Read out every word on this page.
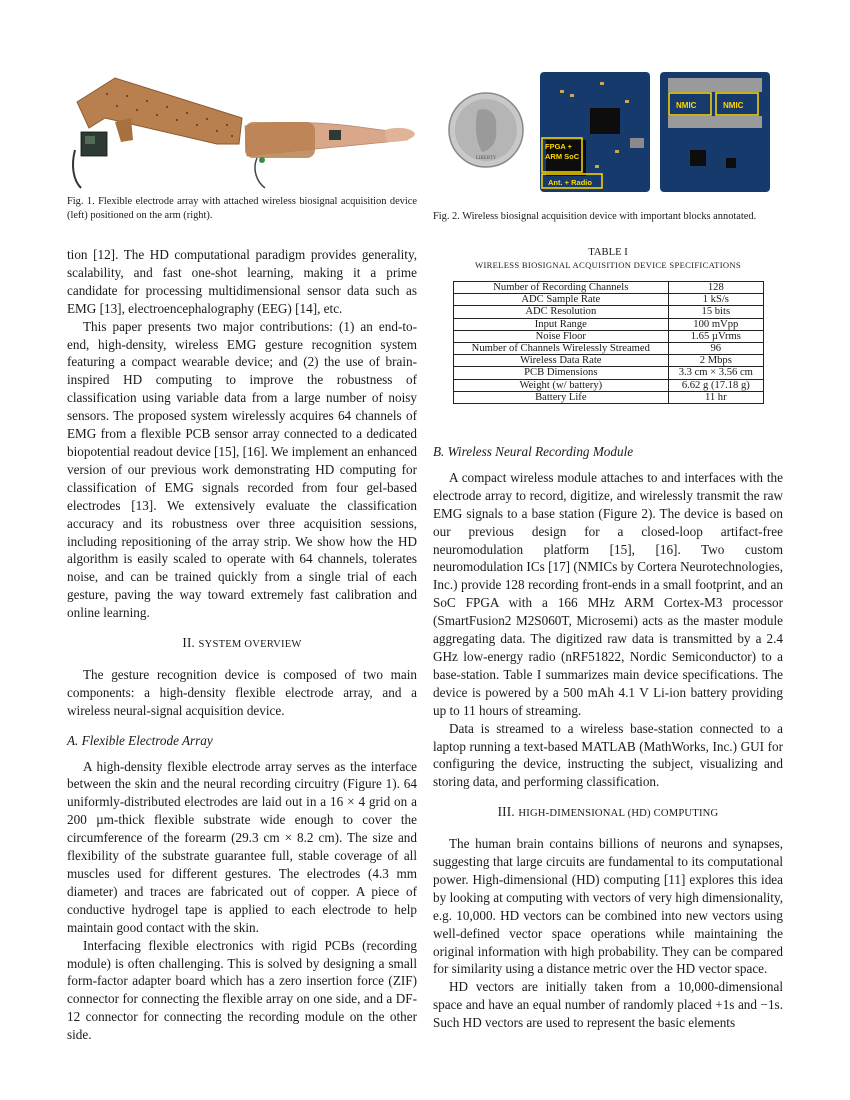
Fig. 1. Flexible electrode array with attached wireless biosignal acquisition device (left) positioned on the arm (right).
LIBERTY
FPGA +
ARM SoC
Ant. + Radio
NMIC	NMIC
Fig. 2. Wireless biosignal acquisition device with important blocks annotated.
TABLE I
WIRELESS BIOSIGNAL ACQUISITION DEVICE SPECIFICATIONS
Number of Recording Channels	128
ADC Sample Rate	1 kS/s
ADC Resolution	15 bits
Input Range	100 mVpp
Noise Floor	1.65 µVrms
Number of Channels Wirelessly Streamed	96
Wireless Data Rate	2 Mbps
PCB Dimensions	3.3 cm × 3.56 cm
Weight (w/ battery)	6.62 g (17.18 g)
Battery Life	11 hr

tion [12]. The HD computational paradigm provides generality, scalability, and fast one-shot learning, making it a prime candidate for processing multidimensional sensor data such as EMG [13], electroencephalography (EEG) [14], etc.

This paper presents two major contributions: (1) an end-to-end, high-density, wireless EMG gesture recognition system featuring a compact wearable device; and (2) the use of brain-inspired HD computing to improve the robustness of classification using variable data from a large number of noisy sensors. The proposed system wirelessly acquires 64 channels of EMG from a flexible PCB sensor array connected to a dedicated biopotential readout device [15], [16]. We implement an enhanced version of our previous work demonstrating HD computing for classification of EMG signals recorded from four gel-based electrodes [13]. We extensively evaluate the classification accuracy and its robustness over three acquisition sessions, including repositioning of the array strip. We show how the HD algorithm is easily scaled to operate with 64 channels, tolerates noise, and can be trained quickly from a single trial of each gesture, paving the way toward extremely fast calibration and online learning.

II. SYSTEM OVERVIEW

The gesture recognition device is composed of two main components: a high-density flexible electrode array, and a wireless neural-signal acquisition device.

A. Flexible Electrode Array

A high-density flexible electrode array serves as the interface between the skin and the neural recording circuitry (Figure 1). 64 uniformly-distributed electrodes are laid out in a 16 × 4 grid on a 200 µm-thick flexible substrate wide enough to cover the circumference of the forearm (29.3 cm × 8.2 cm). The size and flexibility of the substrate guarantee full, stable coverage of all muscles used for different gestures. The electrodes (4.3 mm diameter) and traces are fabricated out of copper. A piece of conductive hydrogel tape is applied to each electrode to help maintain good contact with the skin.

Interfacing flexible electronics with rigid PCBs (recording module) is often challenging. This is solved by designing a small form-factor adapter board which has a zero insertion force (ZIF) connector for connecting the flexible array on one side, and a DF-12 connector for connecting the recording module on the other side.

B. Wireless Neural Recording Module

A compact wireless module attaches to and interfaces with the electrode array to record, digitize, and wirelessly transmit the raw EMG signals to a base station (Figure 2). The device is based on our previous design for a closed-loop artifact-free neuromodulation platform [15], [16]. Two custom neuromodulation ICs [17] (NMICs by Cortera Neurotechnologies, Inc.) provide 128 recording front-ends in a small footprint, and an SoC FPGA with a 166 MHz ARM Cortex-M3 processor (SmartFusion2 M2S060T, Microsemi) acts as the master module aggregating data. The digitized raw data is transmitted by a 2.4 GHz low-energy radio (nRF51822, Nordic Semiconductor) to a base-station. Table I summarizes main device specifications. The device is powered by a 500 mAh 4.1 V Li-ion battery providing up to 11 hours of streaming.

Data is streamed to a wireless base-station connected to a laptop running a text-based MATLAB (MathWorks, Inc.) GUI for configuring the device, instructing the subject, visualizing and storing data, and performing classification.

III. HIGH-DIMENSIONAL (HD) COMPUTING

The human brain contains billions of neurons and synapses, suggesting that large circuits are fundamental to its computational power. High-dimensional (HD) computing [11] explores this idea by looking at computing with vectors of very high dimensionality, e.g. 10,000. HD vectors can be combined into new vectors using well-defined vector space operations while maintaining the original information with high probability. They can be compared for similarity using a distance metric over the HD vector space.

HD vectors are initially taken from a 10,000-dimensional space and have an equal number of randomly placed +1s and −1s. Such HD vectors are used to represent the basic elements
